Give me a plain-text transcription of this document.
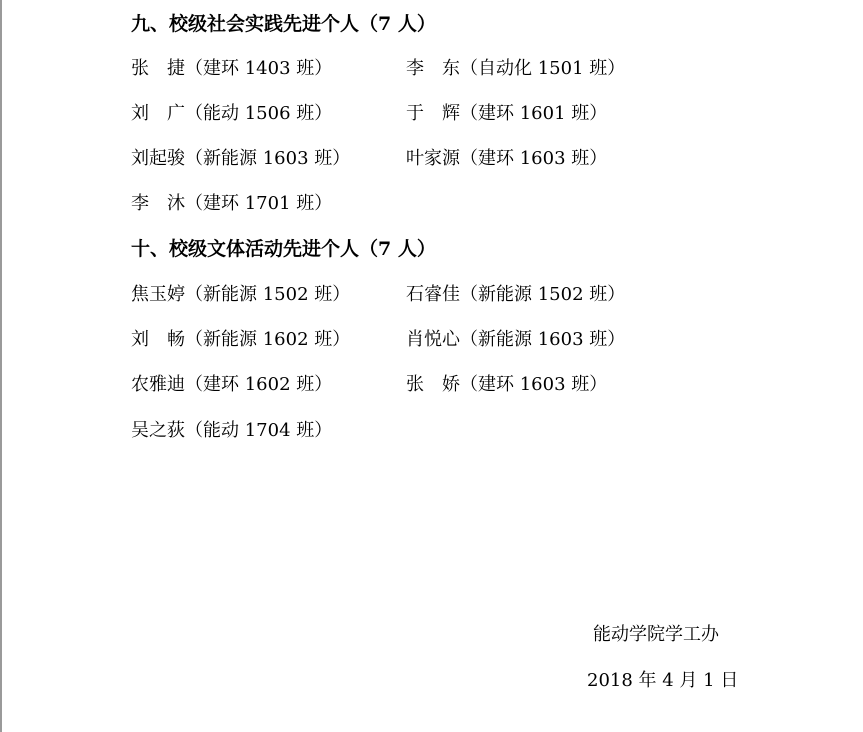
九、校级社会实践先进个人（7 人）
张　捷（建环 1403 班）	李　东（自动化 1501 班）
刘　广（能动 1506 班）	于　辉（建环 1601 班）
刘起骏（新能源 1603 班）	叶家源（建环 1603 班）
李　沐（建环 1701 班）
十、校级文体活动先进个人（7 人）
焦玉婷（新能源 1502 班）	石睿佳（新能源 1502 班）
刘　畅（新能源 1602 班）	肖悦心（新能源 1603 班）
农雅迪（建环 1602 班）	张　娇（建环 1603 班）
吴之荻（能动 1704 班）
能动学院学工办
2018 年 4 月 1 日
